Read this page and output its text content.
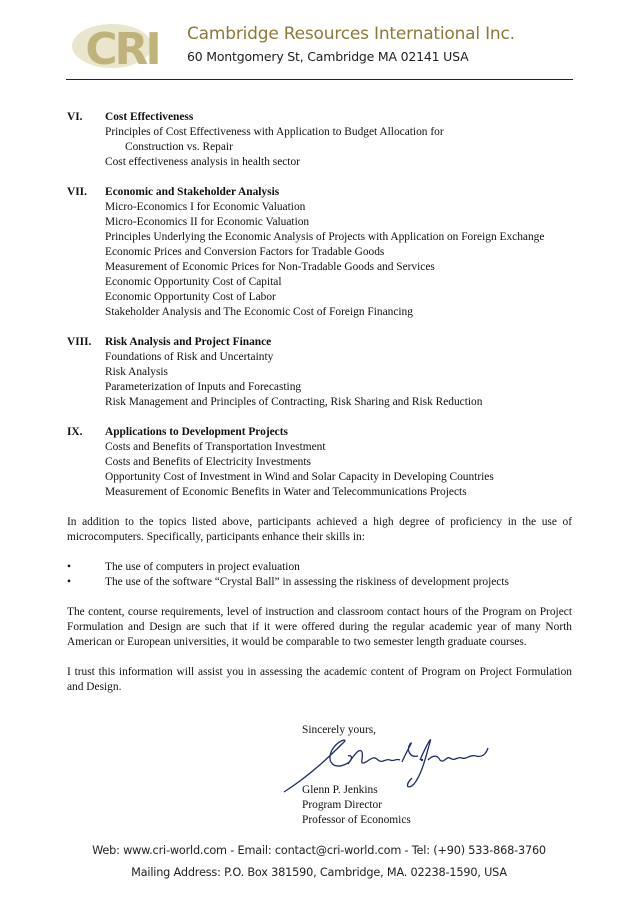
CRI Cambridge Resources International Inc.
60 Montgomery St, Cambridge MA 02141 USA
VI. Cost Effectiveness
Principles of Cost Effectiveness with Application to Budget Allocation for
Construction vs. Repair
Cost effectiveness analysis in health sector
VII. Economic and Stakeholder Analysis
Micro-Economics I for Economic Valuation
Micro-Economics II for Economic Valuation
Principles Underlying the Economic Analysis of Projects with Application on Foreign Exchange
Economic Prices and Conversion Factors for Tradable Goods
Measurement of Economic Prices for Non-Tradable Goods and Services
Economic Opportunity Cost of Capital
Economic Opportunity Cost of Labor
Stakeholder Analysis and The Economic Cost of Foreign Financing
VIII. Risk Analysis and Project Finance
Foundations of Risk and Uncertainty
Risk Analysis
Parameterization of Inputs and Forecasting
Risk Management and Principles of Contracting, Risk Sharing and Risk Reduction
IX. Applications to Development Projects
Costs and Benefits of Transportation Investment
Costs and Benefits of Electricity Investments
Opportunity Cost of Investment in Wind and Solar Capacity in Developing Countries
Measurement of Economic Benefits in Water and Telecommunications Projects
In addition to the topics listed above, participants achieved a high degree of proficiency in the use of microcomputers. Specifically, participants enhance their skills in:
•	The use of computers in project evaluation
•	The use of the software “Crystal Ball” in assessing the riskiness of development projects
The content, course requirements, level of instruction and classroom contact hours of the Program on Project Formulation and Design are such that if it were offered during the regular academic year of many North American or European universities, it would be comparable to two semester length graduate courses.
I trust this information will assist you in assessing the academic content of Program on Project Formulation and Design.
Sincerely yours,
Glenn P. Jenkins
Program Director
Professor of Economics
Web: www.cri-world.com - Email: contact@cri-world.com - Tel: (+90) 533-868-3760
Mailing Address: P.O. Box 381590, Cambridge, MA. 02238-1590, USA
